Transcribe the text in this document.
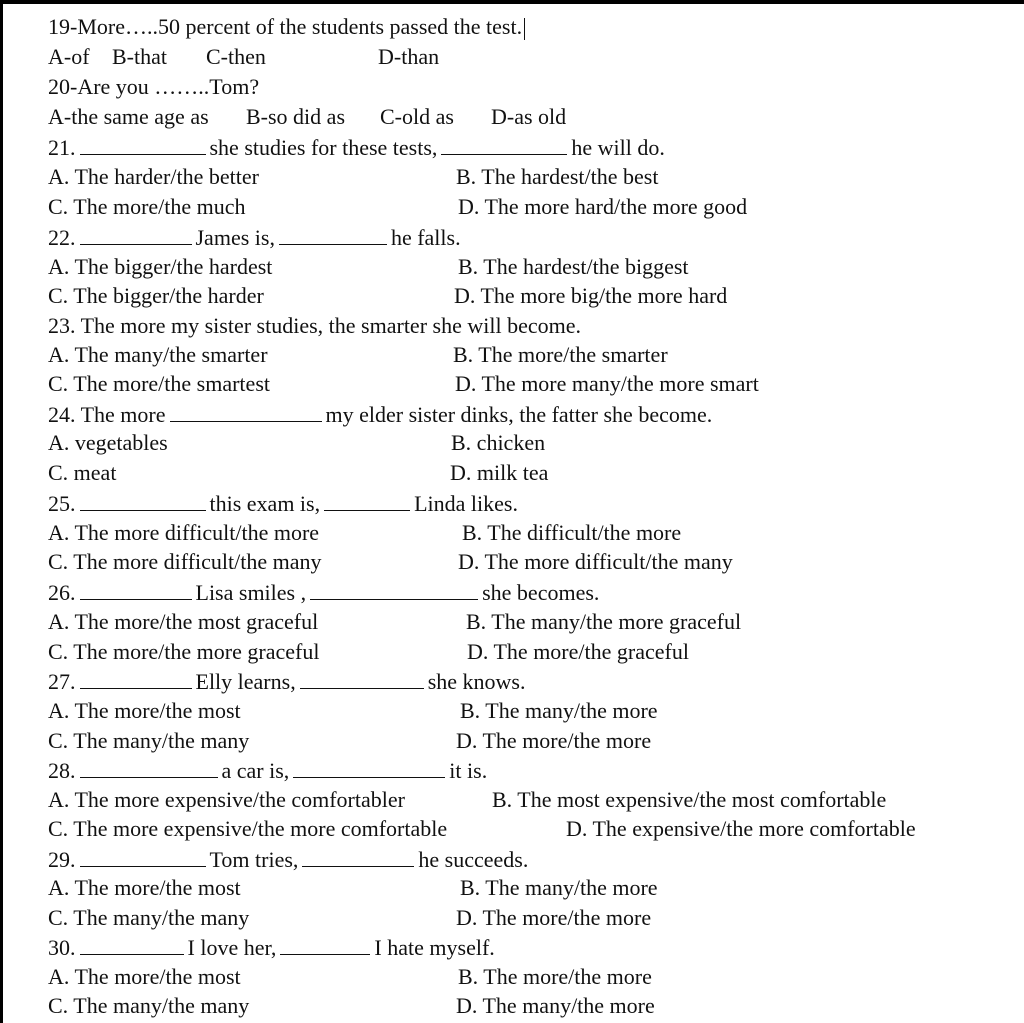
19-More…..50 percent of the students passed the test.
A-of B-that C-then	D-than
20-Are you ……..Tom?
A-the same age as B-so did as C-old as D-as old
21.	she studies for these tests,	he will do.
A. The harder/the better	B. The hardest/the best
C. The more/the much	D. The more hard/the more good
22.	James is,	he falls.
A. The bigger/the hardest	B. The hardest/the biggest
C. The bigger/the harder	D. The more big/the more hard
23. The more my sister studies, the smarter she will become.
A. The many/the smarter	B. The more/the smarter
C. The more/the smartest	D. The more many/the more smart
24. The more	my elder sister dinks, the fatter she become.
A. vegetables	B. chicken
C. meat	D. milk tea
25.	this exam is,	Linda likes.
A. The more difficult/the more	B. The difficult/the more
C. The more difficult/the many	D. The more difficult/the many
26.	Lisa smiles ,	she becomes.
A. The more/the most graceful	B. The many/the more graceful
C. The more/the more graceful	D. The more/the graceful
27.	Elly learns,	she knows.
A. The more/the most	B. The many/the more
C. The many/the many	D. The more/the more
28.	a car is,	it is.
A. The more expensive/the comfortabler	B. The most expensive/the most comfortable
C. The more expensive/the more comfortable	D. The expensive/the more comfortable
29.	Tom tries,	he succeeds.
A. The more/the most	B. The many/the more
C. The many/the many	D. The more/the more
30.	I love her,	I hate myself.
A. The more/the most	B. The more/the more
C. The many/the many	D. The many/the more
